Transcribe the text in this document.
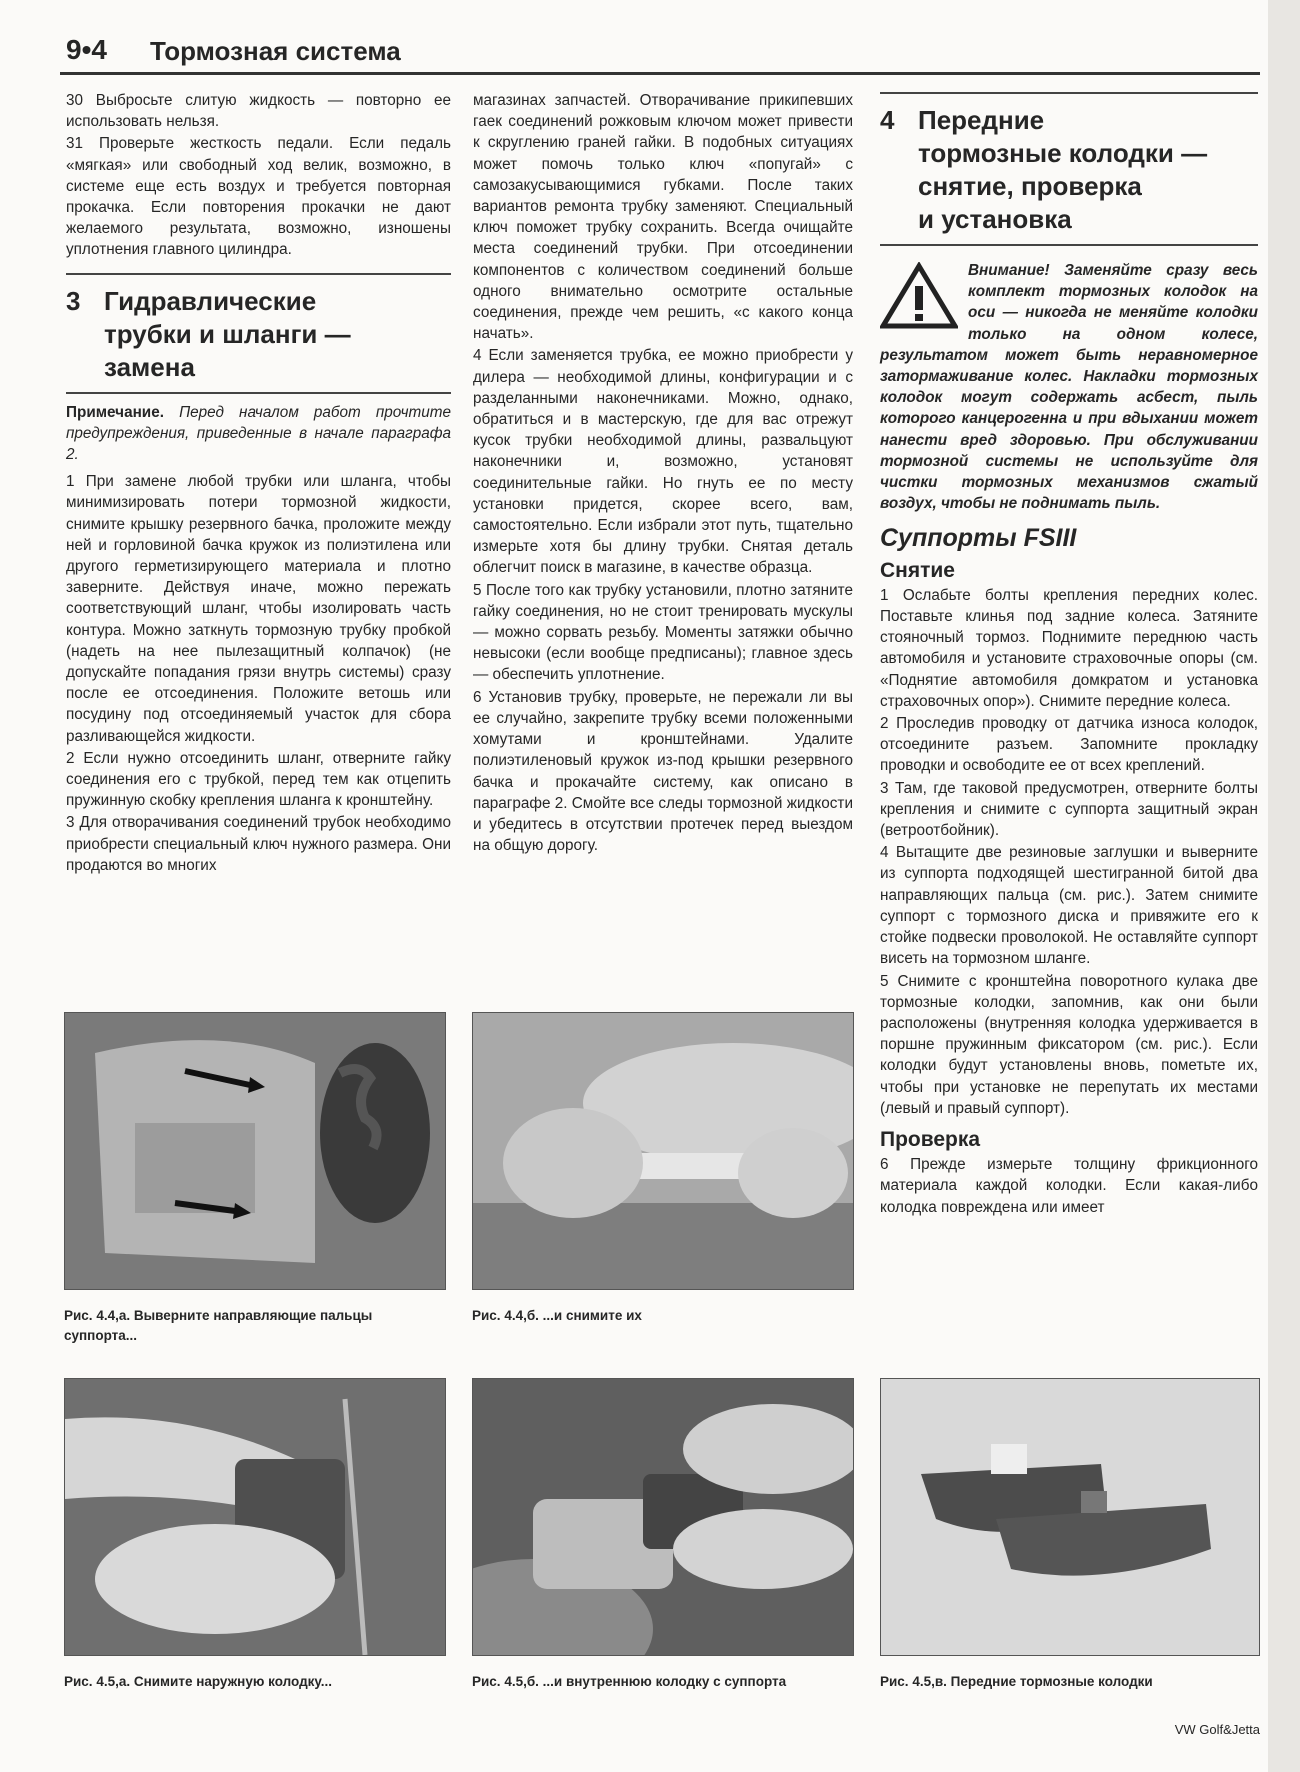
9•4 Тормозная система

30 Выбросьте слитую жидкость — повторно ее использовать нельзя.

31 Проверьте жесткость педали. Если педаль «мягкая» или свободный ход велик, возможно, в системе еще есть воздух и требуется повторная прокачка. Если повторения прокачки не дают желаемого результата, возможно, изношены уплотнения главного цилиндра.

3 Гидравлические
трубки и шланги —
замена

Примечание. Перед началом работ прочтите предупреждения, приведенные в начале параграфа 2.

1 При замене любой трубки или шланга, чтобы минимизировать потери тормозной жидкости, снимите крышку резервного бачка, проложите между ней и горловиной бачка кружок из полиэтилена или другого герметизирующего материала и плотно заверните. Действуя иначе, можно пережать соответствующий шланг, чтобы изолировать часть контура. Можно заткнуть тормозную трубку пробкой (надеть на нее пылезащитный колпачок) (не допускайте попадания грязи внутрь системы) сразу после ее отсоединения. Положите ветошь или посудину под отсоединяемый участок для сбора разливающейся жидкости.

2 Если нужно отсоединить шланг, отверните гайку соединения его с трубкой, перед тем как отцепить пружинную скобку крепления шланга к кронштейну.

3 Для отворачивания соединений трубок необходимо приобрести специальный ключ нужного размера. Они продаются во многих

магазинах запчастей. Отворачивание прикипевших гаек соединений рожковым ключом может привести к скруглению граней гайки. В подобных ситуациях может помочь только ключ «попугай» с самозакусывающимися губками. После таких вариантов ремонта трубку заменяют. Специальный ключ поможет трубку сохранить. Всегда очищайте места соединений трубки. При отсоединении компонентов с количеством соединений больше одного внимательно осмотрите остальные соединения, прежде чем решить, «с какого конца начать».

4 Если заменяется трубка, ее можно приобрести у дилера — необходимой длины, конфигурации и с разделанными наконечниками. Можно, однако, обратиться и в мастерскую, где для вас отрежут кусок трубки необходимой длины, развальцуют наконечники и, возможно, установят соединительные гайки. Но гнуть ее по месту установки придется, скорее всего, вам, самостоятельно. Если избрали этот путь, тщательно измерьте хотя бы длину трубки. Снятая деталь облегчит поиск в магазине, в качестве образца.

5 После того как трубку установили, плотно затяните гайку соединения, но не стоит тренировать мускулы — можно сорвать резьбу. Моменты затяжки обычно невысоки (если вообще предписаны); главное здесь — обеспечить уплотнение.

6 Установив трубку, проверьте, не пережали ли вы ее случайно, закрепите трубку всеми положенными хомутами и кронштейнами. Удалите полиэтиленовый кружок из-под крышки резервного бачка и прокачайте систему, как описано в параграфе 2. Смойте все следы тормозной жидкости и убедитесь в отсутствии протечек перед выездом на общую дорогу.

4 Передние
тормозные колодки —
снятие, проверка
и установка
Внимание! Заменяйте сразу весь комплект тормозных колодок на оси — никогда не меняйте колодки только на одном колесе, результатом может быть неравномерное затормаживание колес. Накладки тормозных колодок могут содержать асбест, пыль которого канцерогенна и при вдыхании может нанести вред здоровью. При обслуживании тормозной системы не используйте для чистки тормозных механизмов сжатый воздух, чтобы не поднимать пыль.
Суппорты FSIII
Снятие

1 Ослабьте болты крепления передних колес. Поставьте клинья под задние колеса. Затяните стояночный тормоз. Поднимите переднюю часть автомобиля и установите страховочные опоры (см. «Поднятие автомобиля домкратом и установка страховочных опор»). Снимите передние колеса.

2 Проследив проводку от датчика износа колодок, отсоедините разъем. Запомните прокладку проводки и освободите ее от всех креплений.

3 Там, где таковой предусмотрен, отверните болты крепления и снимите с суппорта защитный экран (ветроотбойник).

4 Вытащите две резиновые заглушки и выверните из суппорта подходящей шестигранной битой два направляющих пальца (см. рис.). Затем снимите суппорт с тормозного диска и привяжите его к стойке подвески проволокой. Не оставляйте суппорт висеть на тормозном шланге.

5 Снимите с кронштейна поворотного кулака две тормозные колодки, запомнив, как они были расположены (внутренняя колодка удерживается в поршне пружинным фиксатором (см. рис.). Если колодки будут установлены вновь, пометьте их, чтобы при установке не перепутать их местами (левый и правый суппорт).

Проверка

6 Прежде измерьте толщину фрикционного материала каждой колодки. Если какая-либо колодка повреждена или имеет

Рис. 4.4,а. Выверните направляющие пальцы суппорта...
Рис. 4.4,б. ...и снимите их
Рис. 4.5,а. Снимите наружную колодку...	Рис. 4.5,б. ...и внутреннюю колодку с суппорта	Рис. 4.5,в. Передние тормозные колодки
VW Golf&Jetta
